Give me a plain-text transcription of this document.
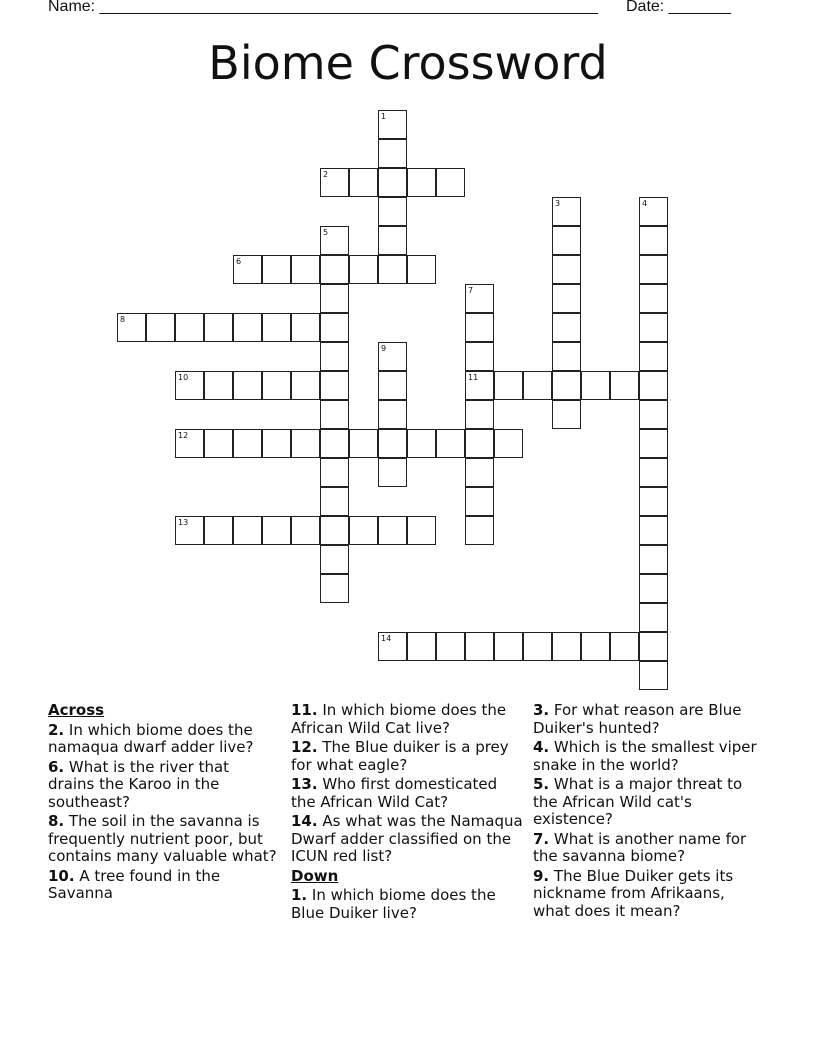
Name: ________________________________________________________ Date: _______
Biome Crossword
1
2
3	4
5
6
7
11
8
9
10
12
13
14
Across
2. In which biome does the namaqua dwarf adder live?
6. What is the river that drains the Karoo in the southeast?
8. The soil in the savanna is frequently nutrient poor, but contains many valuable what?
10. A tree found in the Savanna
11. In which biome does the African Wild Cat live?
12. The Blue duiker is a prey for what eagle?
13. Who first domesticated the African Wild Cat?
14. As what was the Namaqua Dwarf adder classified on the ICUN red list?
Down
1. In which biome does the Blue Duiker live?
3. For what reason are Blue Duiker's hunted?
4. Which is the smallest viper snake in the world?
5. What is a major threat to the African Wild cat's existence?
7. What is another name for the savanna biome?
9. The Blue Duiker gets its nickname from Afrikaans, what does it mean?
